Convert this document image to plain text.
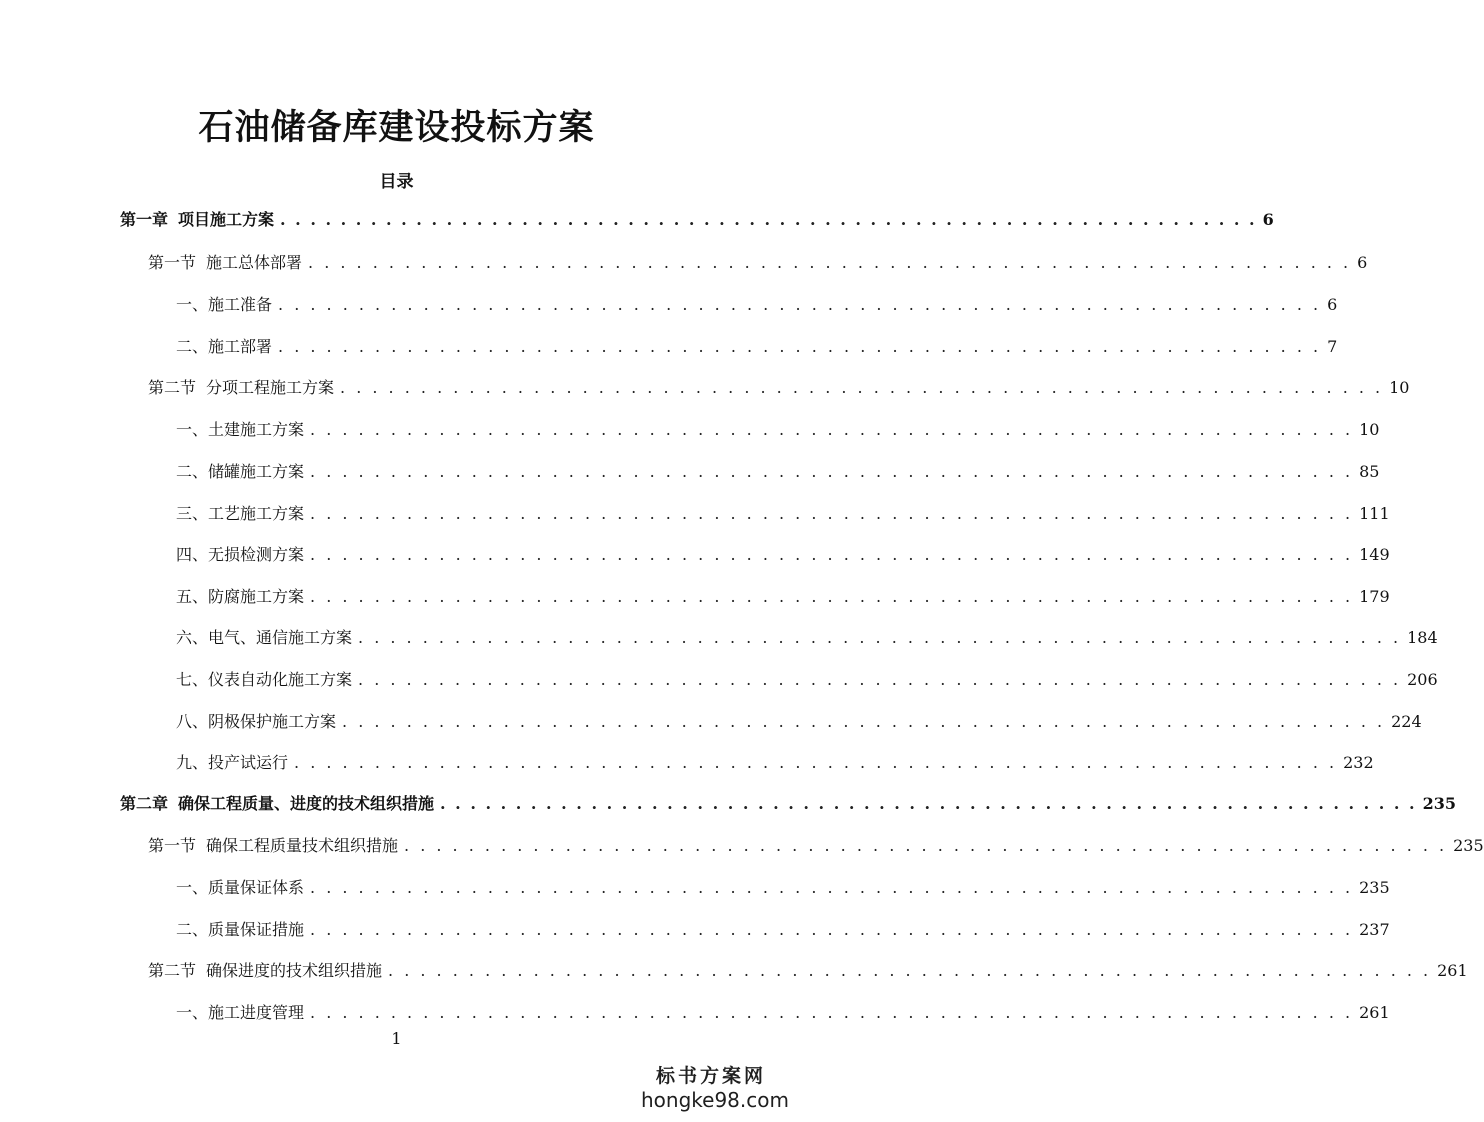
石油储备库建设投标方案
目录
第一章 项目施工方案 . . . . . . . . . . . . . . . . . . . . . . . . . . . . . . . . . . . . . . . . . . . . . . . . . . . . . . . . . . . . . . . . . 6
第一节 施工总体部署 . . . . . . . . . . . . . . . . . . . . . . . . . . . . . . . . . . . . . . . . . . . . . . . . . . . . . . . . . . . . . . . . . 6
一、施工准备 . . . . . . . . . . . . . . . . . . . . . . . . . . . . . . . . . . . . . . . . . . . . . . . . . . . . . . . . . . . . . . . . . 6
二、施工部署 . . . . . . . . . . . . . . . . . . . . . . . . . . . . . . . . . . . . . . . . . . . . . . . . . . . . . . . . . . . . . . . . . 7
第二节 分项工程施工方案 . . . . . . . . . . . . . . . . . . . . . . . . . . . . . . . . . . . . . . . . . . . . . . . . . . . . . . . . . . . . . . . . . 10
一、土建施工方案 . . . . . . . . . . . . . . . . . . . . . . . . . . . . . . . . . . . . . . . . . . . . . . . . . . . . . . . . . . . . . . . . . 10
二、储罐施工方案 . . . . . . . . . . . . . . . . . . . . . . . . . . . . . . . . . . . . . . . . . . . . . . . . . . . . . . . . . . . . . . . . . 85
三、工艺施工方案 . . . . . . . . . . . . . . . . . . . . . . . . . . . . . . . . . . . . . . . . . . . . . . . . . . . . . . . . . . . . . . . . . 111
四、无损检测方案 . . . . . . . . . . . . . . . . . . . . . . . . . . . . . . . . . . . . . . . . . . . . . . . . . . . . . . . . . . . . . . . . . 149
五、防腐施工方案 . . . . . . . . . . . . . . . . . . . . . . . . . . . . . . . . . . . . . . . . . . . . . . . . . . . . . . . . . . . . . . . . . 179
六、电气、通信施工方案 . . . . . . . . . . . . . . . . . . . . . . . . . . . . . . . . . . . . . . . . . . . . . . . . . . . . . . . . . . . . . . . . . 184
七、仪表自动化施工方案 . . . . . . . . . . . . . . . . . . . . . . . . . . . . . . . . . . . . . . . . . . . . . . . . . . . . . . . . . . . . . . . . . 206
八、阴极保护施工方案 . . . . . . . . . . . . . . . . . . . . . . . . . . . . . . . . . . . . . . . . . . . . . . . . . . . . . . . . . . . . . . . . . 224
九、投产试运行 . . . . . . . . . . . . . . . . . . . . . . . . . . . . . . . . . . . . . . . . . . . . . . . . . . . . . . . . . . . . . . . . . 232
第二章 确保工程质量、进度的技术组织措施 . . . . . . . . . . . . . . . . . . . . . . . . . . . . . . . . . . . . . . . . . . . . . . . . . . . . . . . . . . . . . . . . . 235
第一节 确保工程质量技术组织措施 . . . . . . . . . . . . . . . . . . . . . . . . . . . . . . . . . . . . . . . . . . . . . . . . . . . . . . . . . . . . . . . . . 235
一、质量保证体系 . . . . . . . . . . . . . . . . . . . . . . . . . . . . . . . . . . . . . . . . . . . . . . . . . . . . . . . . . . . . . . . . . 235
二、质量保证措施 . . . . . . . . . . . . . . . . . . . . . . . . . . . . . . . . . . . . . . . . . . . . . . . . . . . . . . . . . . . . . . . . . 237
第二节 确保进度的技术组织措施 . . . . . . . . . . . . . . . . . . . . . . . . . . . . . . . . . . . . . . . . . . . . . . . . . . . . . . . . . . . . . . . . . 261
一、施工进度管理 . . . . . . . . . . . . . . . . . . . . . . . . . . . . . . . . . . . . . . . . . . . . . . . . . . . . . . . . . . . . . . . . . 261
1
标书方案网
hongke98.com
